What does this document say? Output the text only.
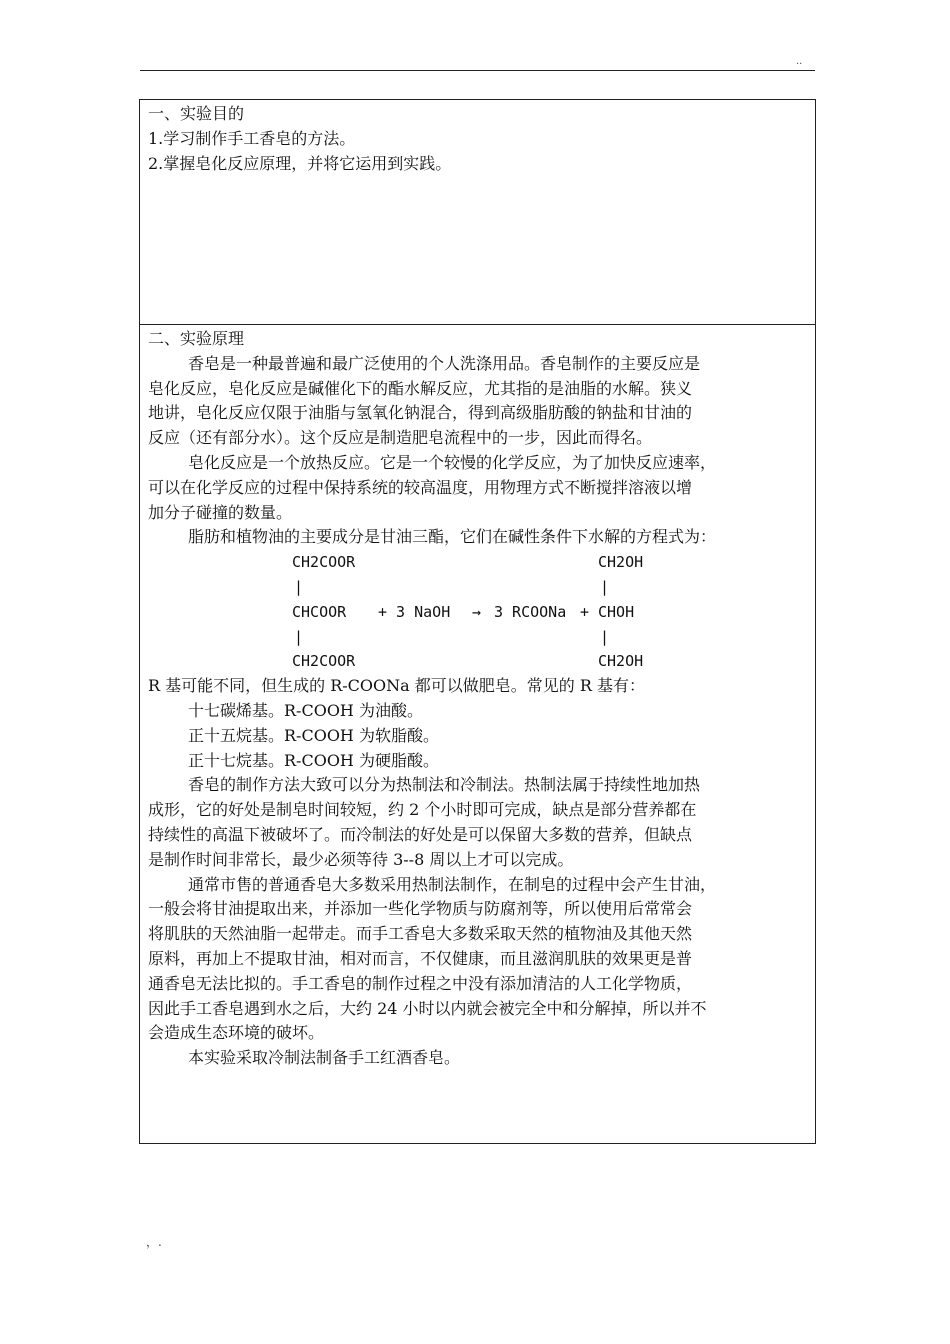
..
一、实验目的
1.学习制作手工香皂的方法。
2.掌握皂化反应原理，并将它运用到实践。
二、实验原理
香皂是一种最普遍和最广泛使用的个人洗涤用品。香皂制作的主要反应是
皂化反应，皂化反应是碱催化下的酯水解反应，尤其指的是油脂的水解。狭义
地讲，皂化反应仅限于油脂与氢氧化钠混合，得到高级脂肪酸的钠盐和甘油的
反应（还有部分水）。这个反应是制造肥皂流程中的一步，因此而得名。
皂化反应是一个放热反应。它是一个较慢的化学反应，为了加快反应速率，
可以在化学反应的过程中保持系统的较高温度，用物理方式不断搅拌溶液以增
加分子碰撞的数量。
脂肪和植物油的主要成分是甘油三酯，它们在碱性条件下水解的方程式为：
CH2COOR
|
CHCOOR
|
CH2COOR
+ 3 NaOH → 3 RCOONa +
CH2OH
|
CHOH
|
CH2OH
R 基可能不同，但生成的 R-COONa 都可以做肥皂。常见的 R 基有：
十七碳烯基。R-COOH 为油酸。
正十五烷基。R-COOH 为软脂酸。
正十七烷基。R-COOH 为硬脂酸。
香皂的制作方法大致可以分为热制法和冷制法。热制法属于持续性地加热
成形，它的好处是制皂时间较短，约 2 个小时即可完成，缺点是部分营养都在
持续性的高温下被破坏了。而冷制法的好处是可以保留大多数的营养，但缺点
是制作时间非常长，最少必须等待 3--8 周以上才可以完成。
通常市售的普通香皂大多数采用热制法制作，在制皂的过程中会产生甘油，
一般会将甘油提取出来，并添加一些化学物质与防腐剂等，所以使用后常常会
将肌肤的天然油脂一起带走。而手工香皂大多数采取天然的植物油及其他天然
原料，再加上不提取甘油，相对而言，不仅健康，而且滋润肌肤的效果更是普
通香皂无法比拟的。手工香皂的制作过程之中没有添加清洁的人工化学物质，
因此手工香皂遇到水之后，大约 24 小时以内就会被完全中和分解掉，所以并不
会造成生态环境的破坏。
本实验采取冷制法制备手工红酒香皂。
，.
